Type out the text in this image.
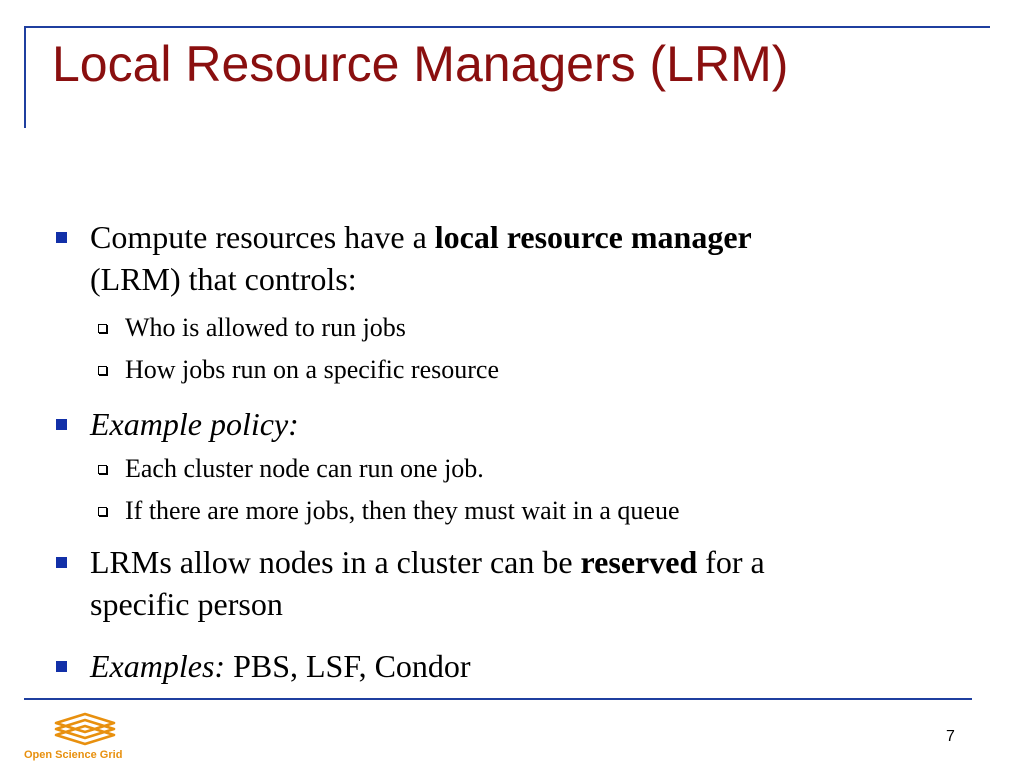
Local Resource Managers (LRM)
Compute resources have a local resource manager
(LRM) that controls:
Who is allowed to run jobs
How jobs run on a specific resource
Example policy:
Each cluster node can run one job.
If there are more jobs, then they must wait in a queue
LRMs allow nodes in a cluster can be reserved for a
specific person
Examples: PBS, LSF, Condor
Open Science Grid
7
